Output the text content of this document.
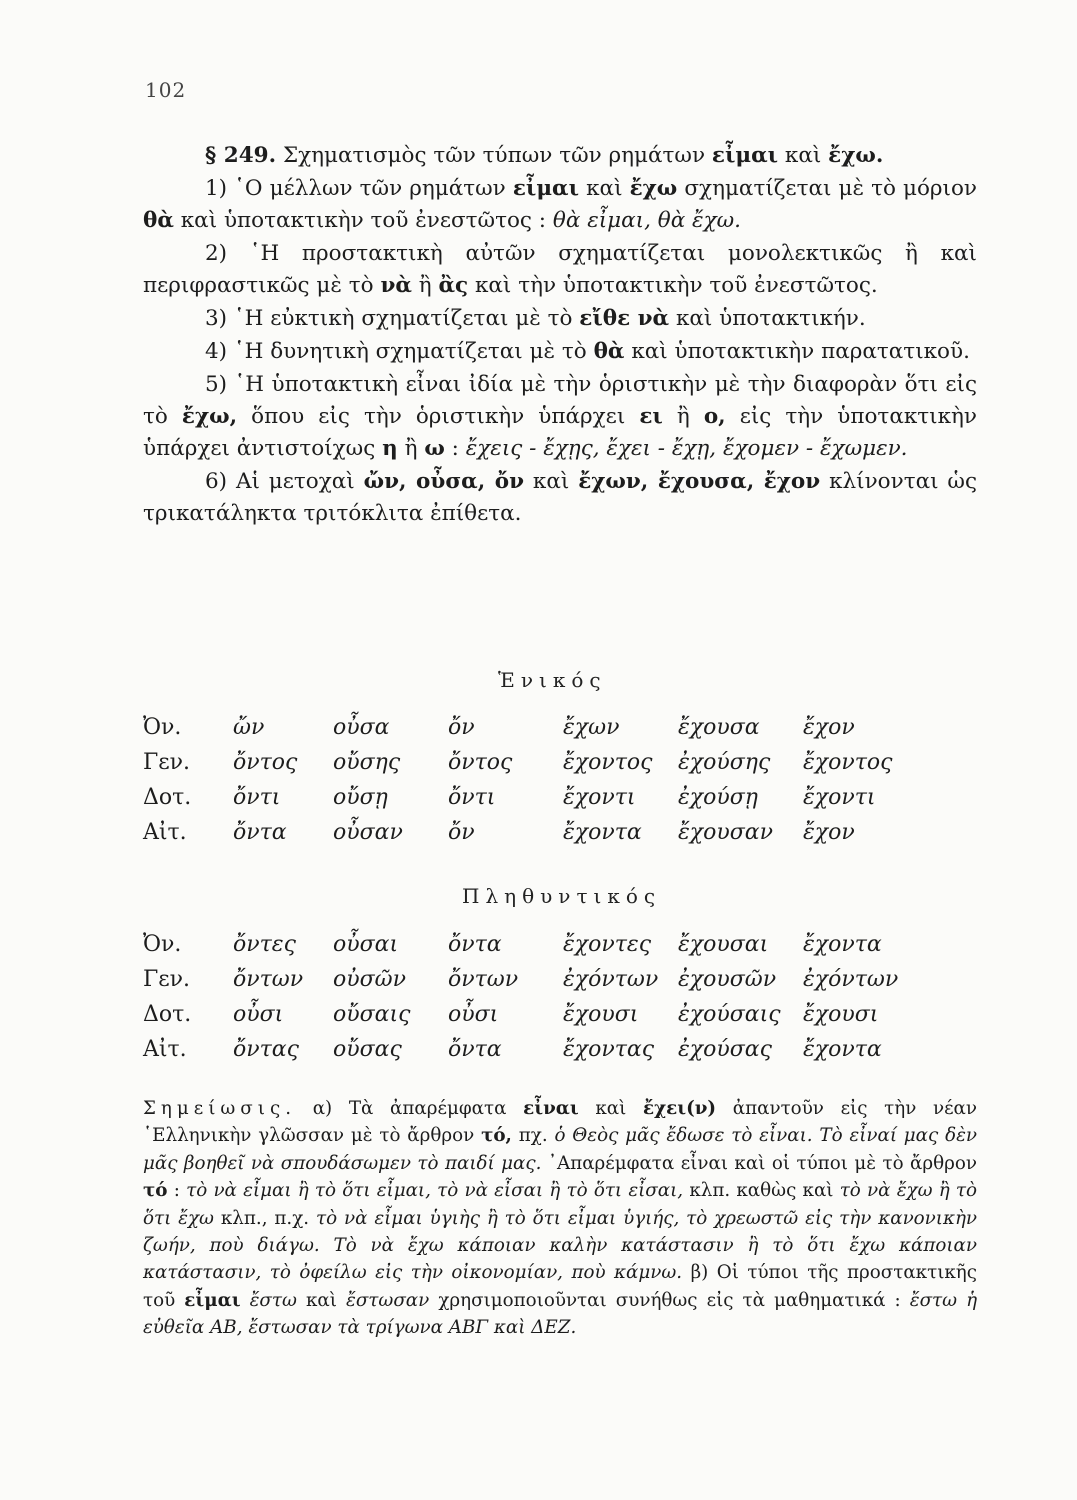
102

§ 249. Σχηματισμὸς τῶν τύπων τῶν ρημάτων εἶμαι καὶ ἔχω.

1) ῾Ο μέλλων τῶν ρημάτων εἶμαι καὶ ἔχω σχηματίζεται μὲ τὸ μόριον θὰ καὶ ὑποτακτικὴν τοῦ ἐνεστῶτος : θὰ εἶμαι, θὰ ἔχω.

2) ῾Η προστακτικὴ αὐτῶν σχηματίζεται μονολεκτικῶς ἢ καὶ περιφραστικῶς μὲ τὸ νὰ ἢ ἂς καὶ τὴν ὑποτακτικὴν τοῦ ἐνεστῶτος.

3) ῾Η εὐκτικὴ σχηματίζεται μὲ τὸ εἴθε νὰ καὶ ὑποτακτικήν.

4) ῾Η δυνητικὴ σχηματίζεται μὲ τὸ θὰ καὶ ὑποτακτικὴν παρατατικοῦ.

5) ῾Η ὑποτακτικὴ εἶναι ἰδία μὲ τὴν ὁριστικὴν μὲ τὴν διαφορὰν ὅτι εἰς τὸ ἔχω, ὅπου εἰς τὴν ὁριστικὴν ὑπάρχει ει ἢ ο, εἰς τὴν ὑποτακτικὴν ὑπάρχει ἀντιστοίχως η ἢ ω : ἔχεις - ἔχῃς, ἔχει - ἔχῃ, ἔχομεν - ἔχωμεν.

6) Αἱ μετοχαὶ ὤν, οὖσα, ὄν καὶ ἔχων, ἔχουσα, ἔχον κλίνονται ὡς τρικατάληκτα τριτόκλιτα ἐπίθετα.

Ἑνικός
Ὀν. ὤν	οὖσα	ὄν	ἔχων	ἔχουσα ἔχον
Γεν. ὄντος οὔσης ὄντος ἔχοντος ἐχούσης ἔχοντος
Δοτ. ὄντι οὔσῃ	ὄντι	ἔχοντι ἐχούσῃ ἔχοντι
Αἰτ. ὄντα οὖσαν ὄν	ἔχοντα ἔχουσαν ἔχον
Πληθυντικός
Ὀν. ὄντες οὖσαι ὄντα	ἔχοντες ἔχουσαι ἔχοντα
Γεν. ὄντων οὐσῶν ὄντων ἐχόντων ἐχουσῶν ἐχόντων
Δοτ. οὖσι οὔσαις οὖσι	ἔχουσι ἐχούσαις ἔχουσι
Αἰτ. ὄντας οὔσας ὄντα	ἔχοντας ἐχούσας ἔχοντα
Σημείωσις. α) Τὰ ἀπαρέμφατα εἶναι καὶ ἔχει(ν) ἀπαντοῦν εἰς τὴν νέαν ῾Ελληνικὴν γλῶσσαν μὲ τὸ ἄρθρον τό, πχ. ὁ Θεὸς μᾶς ἔδωσε τὸ εἶναι. Τὸ εἶναί μας δὲν μᾶς βοηθεῖ νὰ σπουδάσωμεν τὸ παιδί μας. ᾿Απαρέμφατα εἶναι καὶ οἱ τύποι μὲ τὸ ἄρθρον τό : τὸ νὰ εἶμαι ἢ τὸ ὅτι εἶμαι, τὸ νὰ εἶσαι ἢ τὸ ὅτι εἶσαι, κλπ. καθὼς καὶ τὸ νὰ ἔχω ἢ τὸ ὅτι ἔχω κλπ., π.χ. τὸ νὰ εἶμαι ὑγιὴς ἢ τὸ ὅτι εἶμαι ὑγιής, τὸ χρεωστῶ εἰς τὴν κανονικὴν ζωήν, ποὺ διάγω. Τὸ νὰ ἔχω κάποιαν καλὴν κατάστασιν ἢ τὸ ὅτι ἔχω κάποιαν κατάστασιν, τὸ ὀφείλω εἰς τὴν οἰκονομίαν, ποὺ κάμνω. β) Οἱ τύποι τῆς προστακτικῆς τοῦ εἶμαι ἔστω καὶ ἔστωσαν χρησιμοποιοῦνται συνήθως εἰς τὰ μαθηματικά : ἔστω ἡ εὐθεῖα ΑΒ, ἔστωσαν τὰ τρίγωνα ΑΒΓ καὶ ΔΕΖ.
